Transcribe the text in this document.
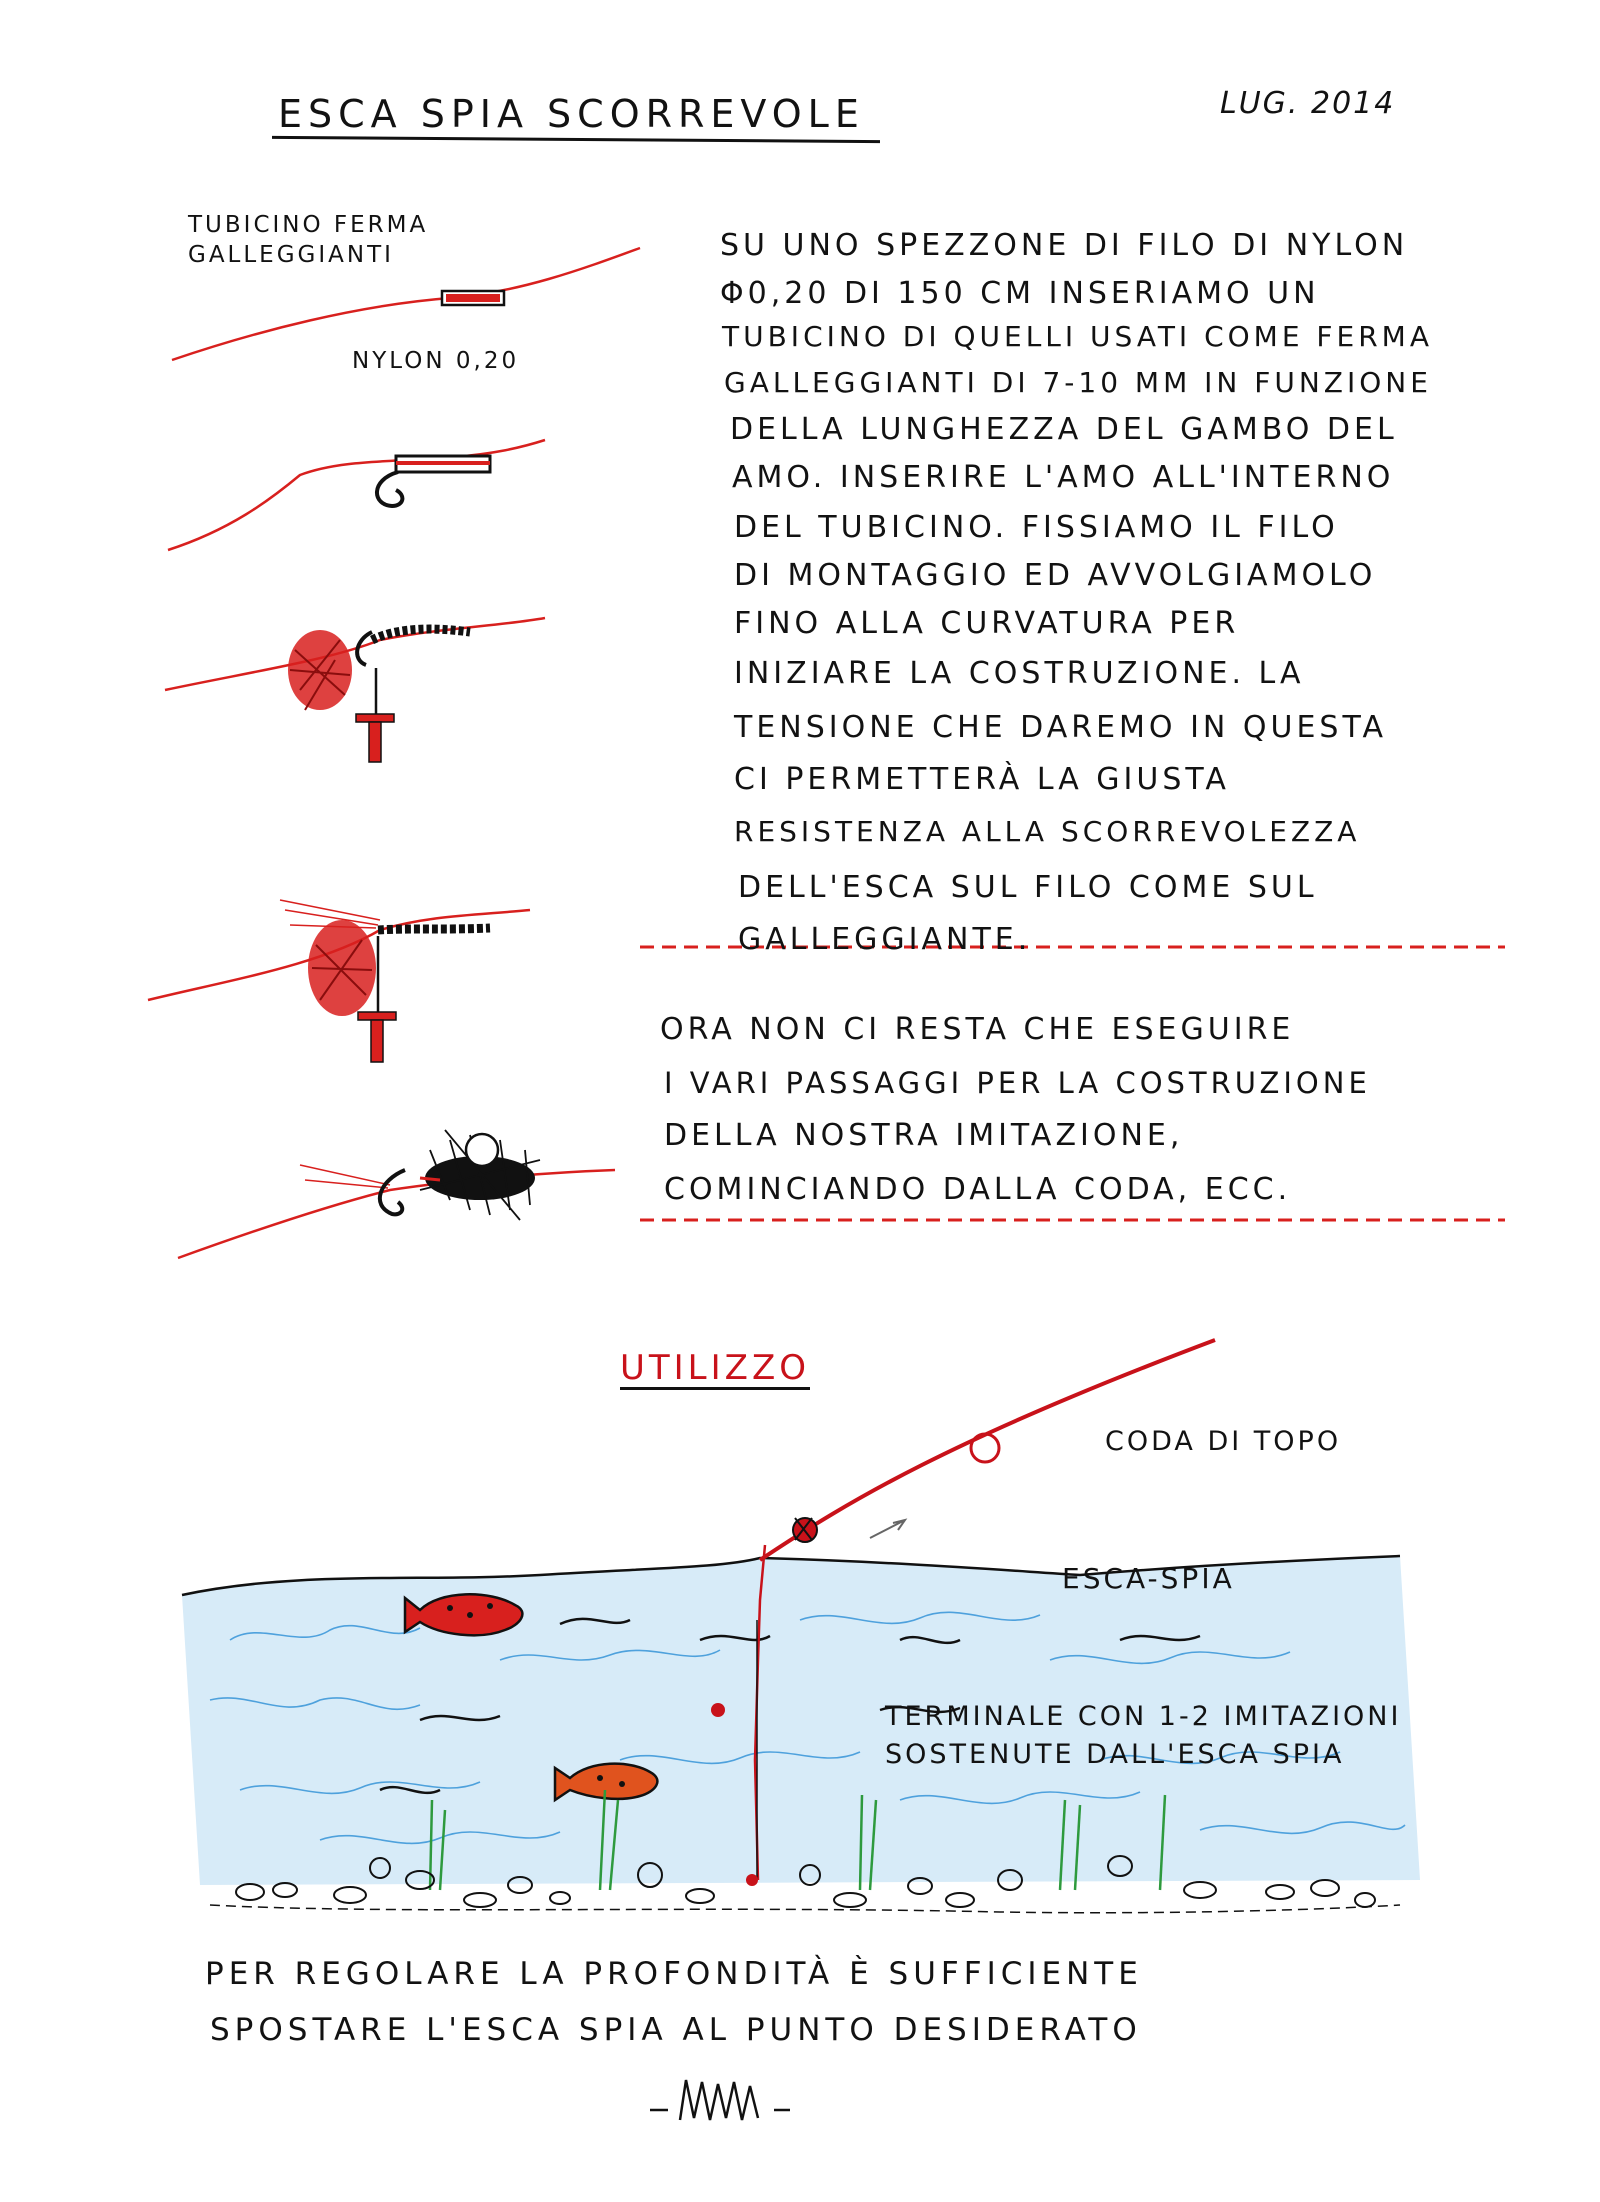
ESCA SPIA SCORREVOLE	LUG. 2014

TUBICINO FERMA GALLEGGIANTI

NYLON 0,20

SU UNO SPEZZONE DI FILO DI NYLON

Φ0,20 DI 150 CM INSERIAMO UN

TUBICINO DI QUELLI USATI COME FERMA

GALLEGGIANTI DI 7-10 MM IN FUNZIONE

DELLA LUNGHEZZA DEL GAMBO DEL

AMO. INSERIRE L'AMO ALL'INTERNO

DEL TUBICINO. FISSIAMO IL FILO

DI MONTAGGIO ED AVVOLGIAMOLO

FINO ALLA CURVATURA PER

INIZIARE LA COSTRUZIONE. LA

TENSIONE CHE DAREMO IN QUESTA

CI PERMETTERÀ LA GIUSTA

RESISTENZA ALLA SCORREVOLEZZA

DELL'ESCA SUL FILO COME SUL

GALLEGGIANTE.

ORA NON CI RESTA CHE ESEGUIRE

I VARI PASSAGGI PER LA COSTRUZIONE

DELLA NOSTRA IMITAZIONE,

COMINCIANDO DALLA CODA, ECC.

UTILIZZO

CODA DI TOPO

ESCA-SPIA

TERMINALE CON 1-2 IMITAZIONI SOSTENUTE DALL'ESCA SPIA

PER REGOLARE LA PROFONDITÀ È SUFFICIENTE

SPOSTARE L'ESCA SPIA AL PUNTO DESIDERATO
